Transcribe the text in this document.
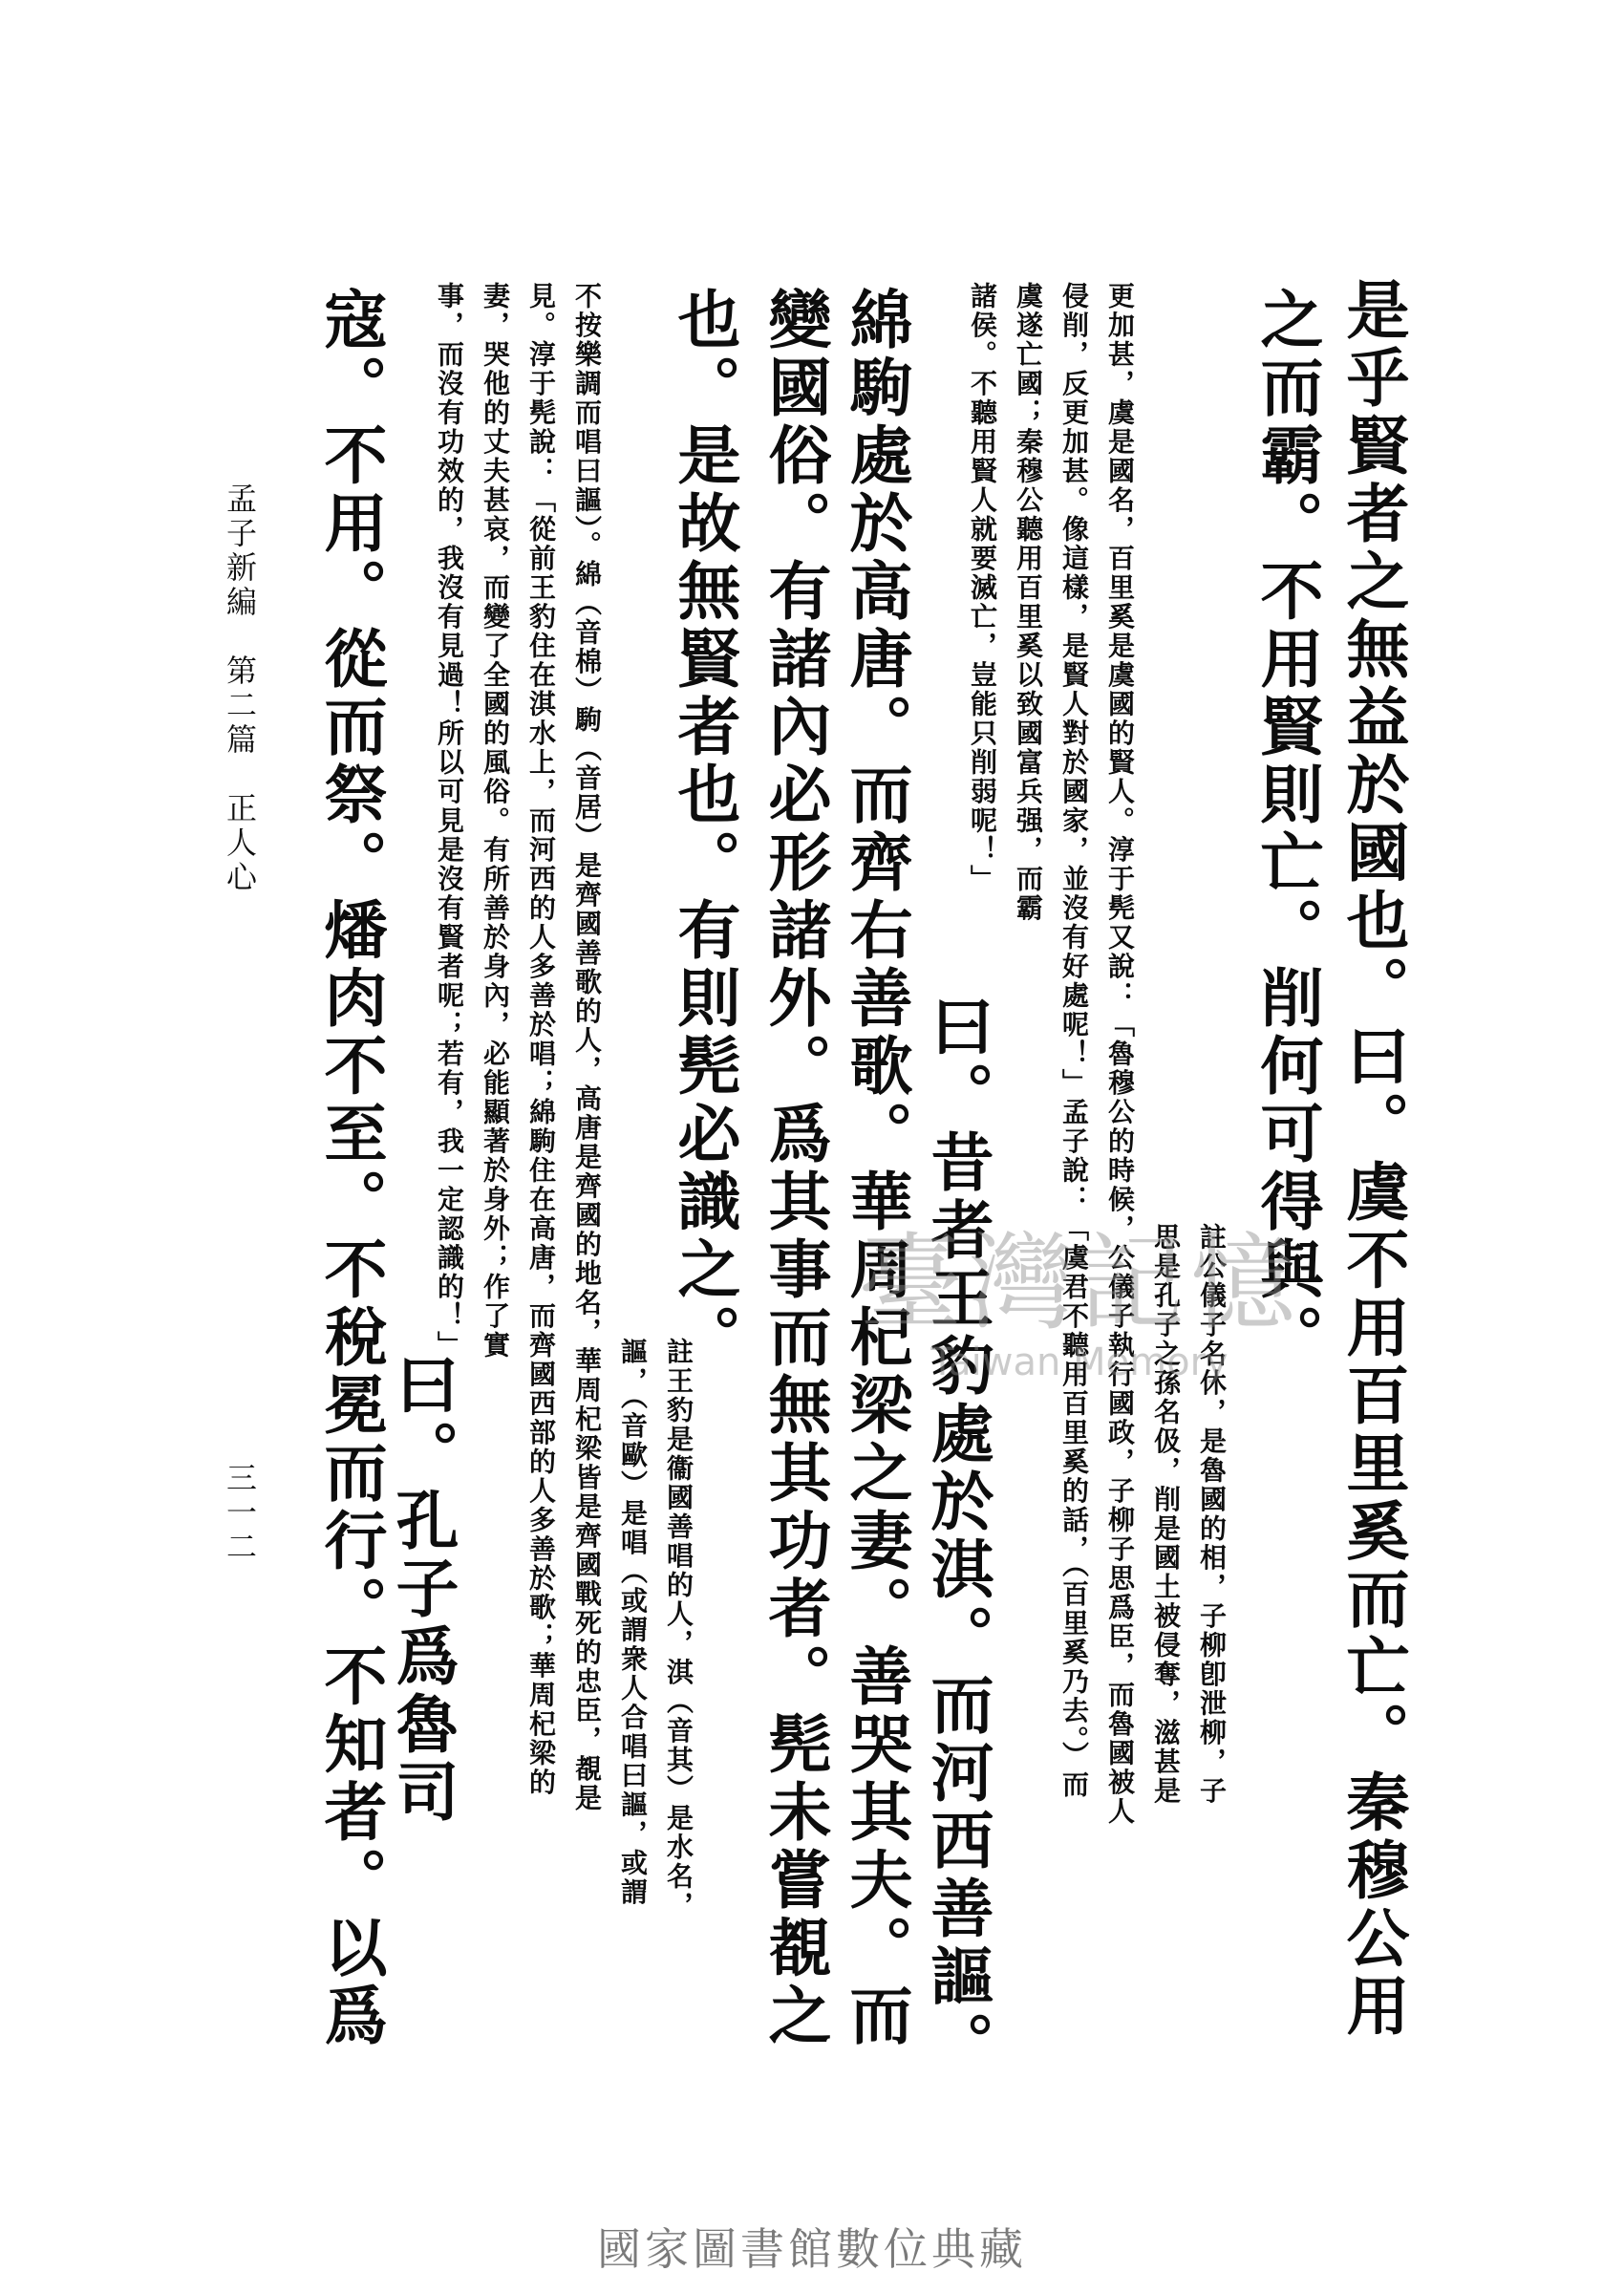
是乎賢者之無益於國也。曰。虞不用百里奚而亡。秦穆公用
之而霸。不用賢則亡。削何可得與。
註公儀子名休，是魯國的相，子柳卽泄柳，子
思是孔子之孫名伋，削是國土被侵奪，滋甚是
更加甚，虞是國名，百里奚是虞國的賢人。淳于髡又說：「魯穆公的時候，公儀子執行國政，子柳子思爲臣，而魯國被人
侵削，反更加甚。像這樣，是賢人對於國家，並沒有好處呢！」孟子說：「虞君不聽用百里奚的話，（百里奚乃去。）而
虞遂亡國；秦穆公聽用百里奚以致國富兵强，而霸
諸侯。不聽用賢人就要滅亡，豈能只削弱呢！」
曰。昔者王豹處於淇。而河西善謳。
綿駒處於高唐。而齊右善歌。華周杞梁之妻。善哭其夫。而
變國俗。有諸內必形諸外。爲其事而無其功者。髡未嘗覩之
也。是故無賢者也。有則髡必識之。
註王豹是衞國善唱的人，淇（音其）是水名，
謳，（音歐）是唱（或謂衆人合唱曰謳，或謂
不按樂調而唱曰謳）。綿（音棉）駒（音居）是齊國善歌的人，高唐是齊國的地名，華周杞梁皆是齊國戰死的忠臣，覩是
見。淳于髡說：「從前王豹住在淇水上，而河西的人多善於唱；綿駒住在高唐，而齊國西部的人多善於歌；華周杞梁的
妻，哭他的丈夫甚哀，而變了全國的風俗。有所善於身內，必能顯著於身外；作了實
事，而沒有功效的，我沒有見過！所以可見是沒有賢者呢；若有，我一定認識的！」
曰。孔子爲魯司
寇。不用。從而祭。燔肉不至。不稅冕而行。不知者。以爲
孟子新編　第二篇　正人心
三一二
臺灣記憶
Taiwan Memory
國家圖書館數位典藏
